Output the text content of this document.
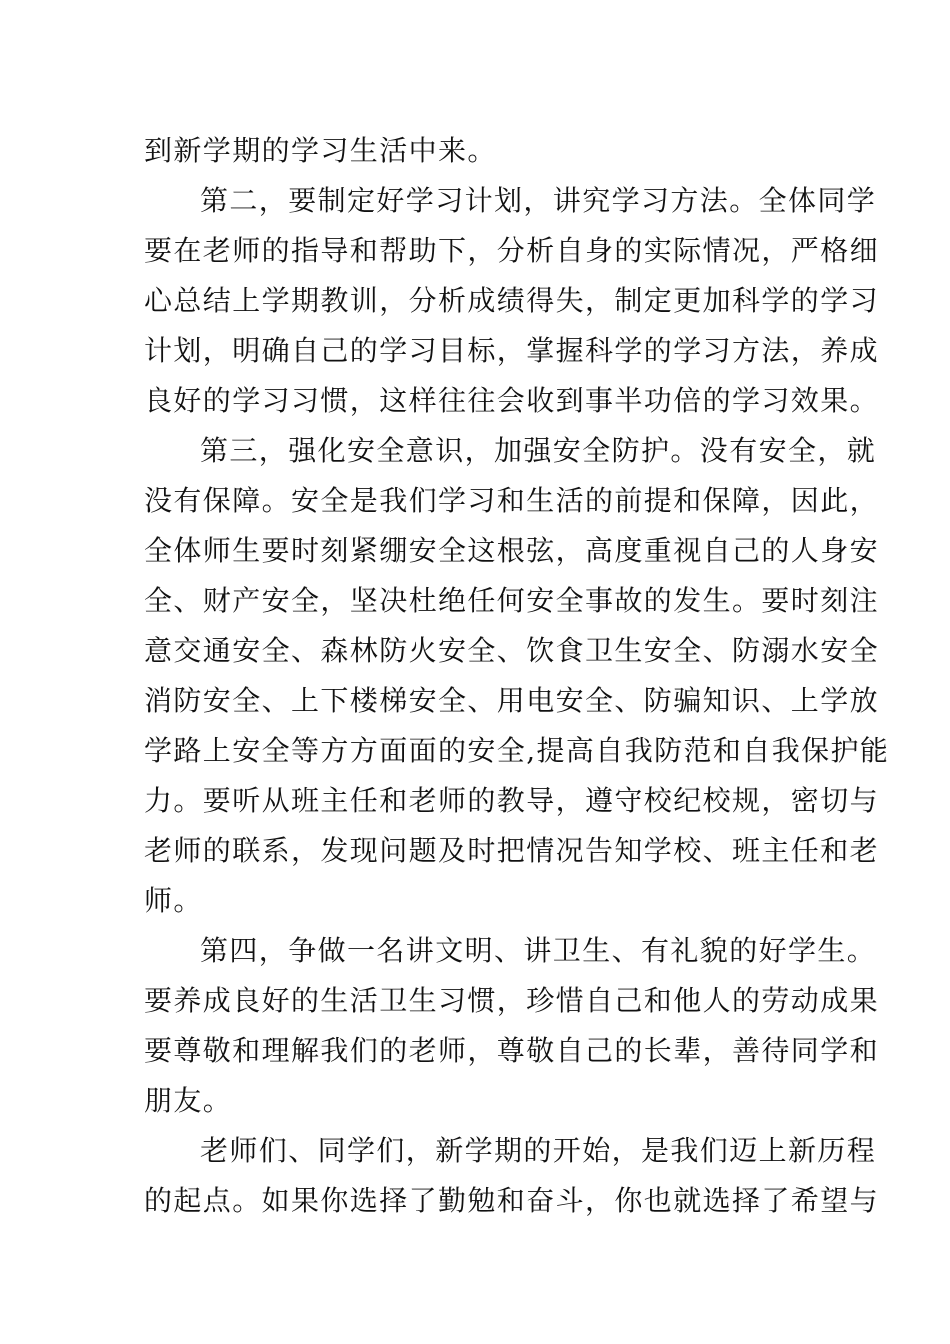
到新学期的学习生活中来。
第二，要制定好学习计划，讲究学习方法。全体同学
要在老师的指导和帮助下，分析自身的实际情况，严格细
心总结上学期教训，分析成绩得失，制定更加科学的学习
计划，明确自己的学习目标，掌握科学的学习方法，养成
良好的学习习惯，这样往往会收到事半功倍的学习效果。
第三，强化安全意识，加强安全防护。没有安全，就
没有保障。安全是我们学习和生活的前提和保障，因此，
全体师生要时刻紧绷安全这根弦，高度重视自己的人身安
全、财产安全，坚决杜绝任何安全事故的发生。要时刻注
意交通安全、森林防火安全、饮食卫生安全、防溺水安全
消防安全、上下楼梯安全、用电安全、防骗知识、上学放
学路上安全等方方面面的安全,提高自我防范和自我保护能
力。要听从班主任和老师的教导，遵守校纪校规，密切与
老师的联系，发现问题及时把情况告知学校、班主任和老
师。
第四，争做一名讲文明、讲卫生、有礼貌的好学生。
要养成良好的生活卫生习惯，珍惜自己和他人的劳动成果
要尊敬和理解我们的老师，尊敬自己的长辈，善待同学和
朋友。
老师们、同学们，新学期的开始，是我们迈上新历程
的起点。如果你选择了勤勉和奋斗，你也就选择了希望与
